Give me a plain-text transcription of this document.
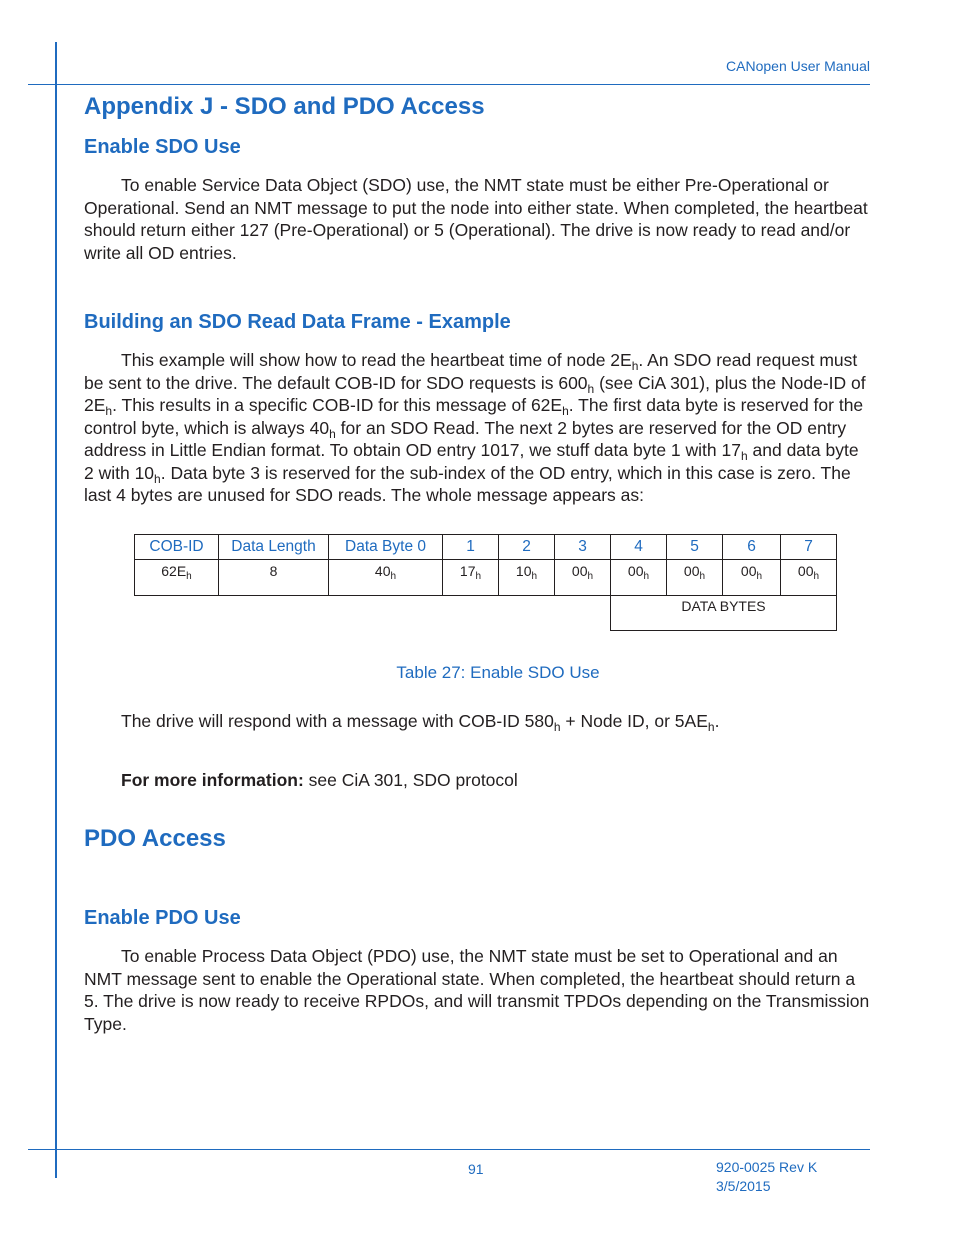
CANopen User Manual
Appendix J - SDO and PDO Access
Enable SDO Use

To enable Service Data Object (SDO) use, the NMT state must be either Pre-Operational or Operational. Send an NMT message to put the node into either state. When completed, the heartbeat should return either 127 (Pre-Operational) or 5 (Operational). The drive is now ready to read and/or write all OD entries.

Building an SDO Read Data Frame - Example

This example will show how to read the heartbeat time of node $2E_h$. An SDO read request must be sent to the drive. The default COB-ID for SDO requests is $600_h$ (see CiA 301), plus the Node-ID of $2E_h$. This results in a specific COB-ID for this message of $62E_h$. The first data byte is reserved for the control byte, which is always $40_h$ for an SDO Read. The next 2 bytes are reserved for the OD entry address in Little Endian format. To obtain OD entry 1017, we stuff data byte 1 with $17_h$ and data byte 2 with $10_h$. Data byte 3 is reserved for the sub-index of the OD entry, which in this case is zero. The last 4 bytes are unused for SDO reads. The whole message appears as:

COB-ID	Data Length	Data Byte 0	1	2	3	4	5	6	7
$62E_h$	8	$40_h$	$17_h$	$10_h$	$00_h$	$00_h$	$00_h$	$00_h$	$00_h$
						DATA BYTES			
Table 27: Enable SDO Use

The drive will respond with a message with COB-ID $580_h$ + Node ID, or $5AE_h$.

For more information: see CiA 301, SDO protocol

PDO Access
Enable PDO Use

To enable Process Data Object (PDO) use, the NMT state must be set to Operational and an NMT message sent to enable the Operational state. When completed, the heartbeat should return a 5. The drive is now ready to receive RPDOs, and will transmit TPDOs depending on the Transmission Type.

91	920-0025 Rev K
3/5/2015
